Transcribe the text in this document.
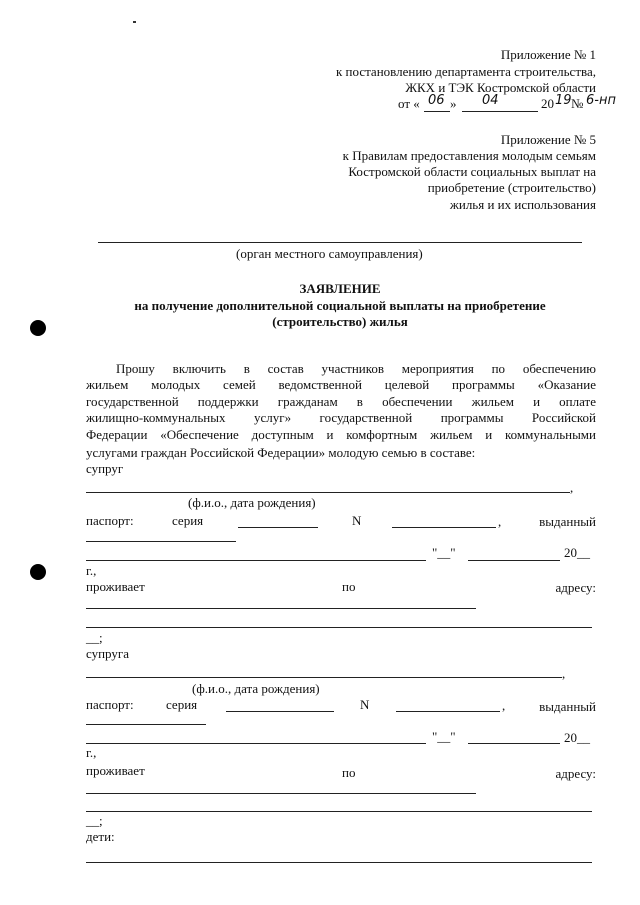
Приложение № 1
к постановлению департамента строительства,
ЖКХ и ТЭК Костромской области
от « 06 » 04	20 19 № 6-нп
Приложение № 5
к Правилам предоставления молодым семьям
Костромской области социальных выплат на
приобретение (строительство)
жилья и их использования
(орган местного самоуправления)
ЗАЯВЛЕНИЕ
на получение дополнительной социальной выплаты на приобретение
(строительство) жилья
Прошу включить в состав участников мероприятия по обеспечению
жильем молодых семей ведомственной целевой программы «Оказание
государственной поддержки гражданам в обеспечении жильем и оплате
жилищно-коммунальных услуг» государственной программы Российской
Федерации «Обеспечение доступным и комфортным жильем и коммунальными
услугами граждан Российской Федерации» молодую семью в составе:
супруг
,
(ф.и.о., дата рождения)
паспорт:	серия	N	,	выданный
"__"	20__
г.,
проживает	по	адресу:
__;
супруга
,
(ф.и.о., дата рождения)
паспорт: серия	N	,	выданный
"__"	20__
г.,
проживает	по	адресу:
__;
дети:
